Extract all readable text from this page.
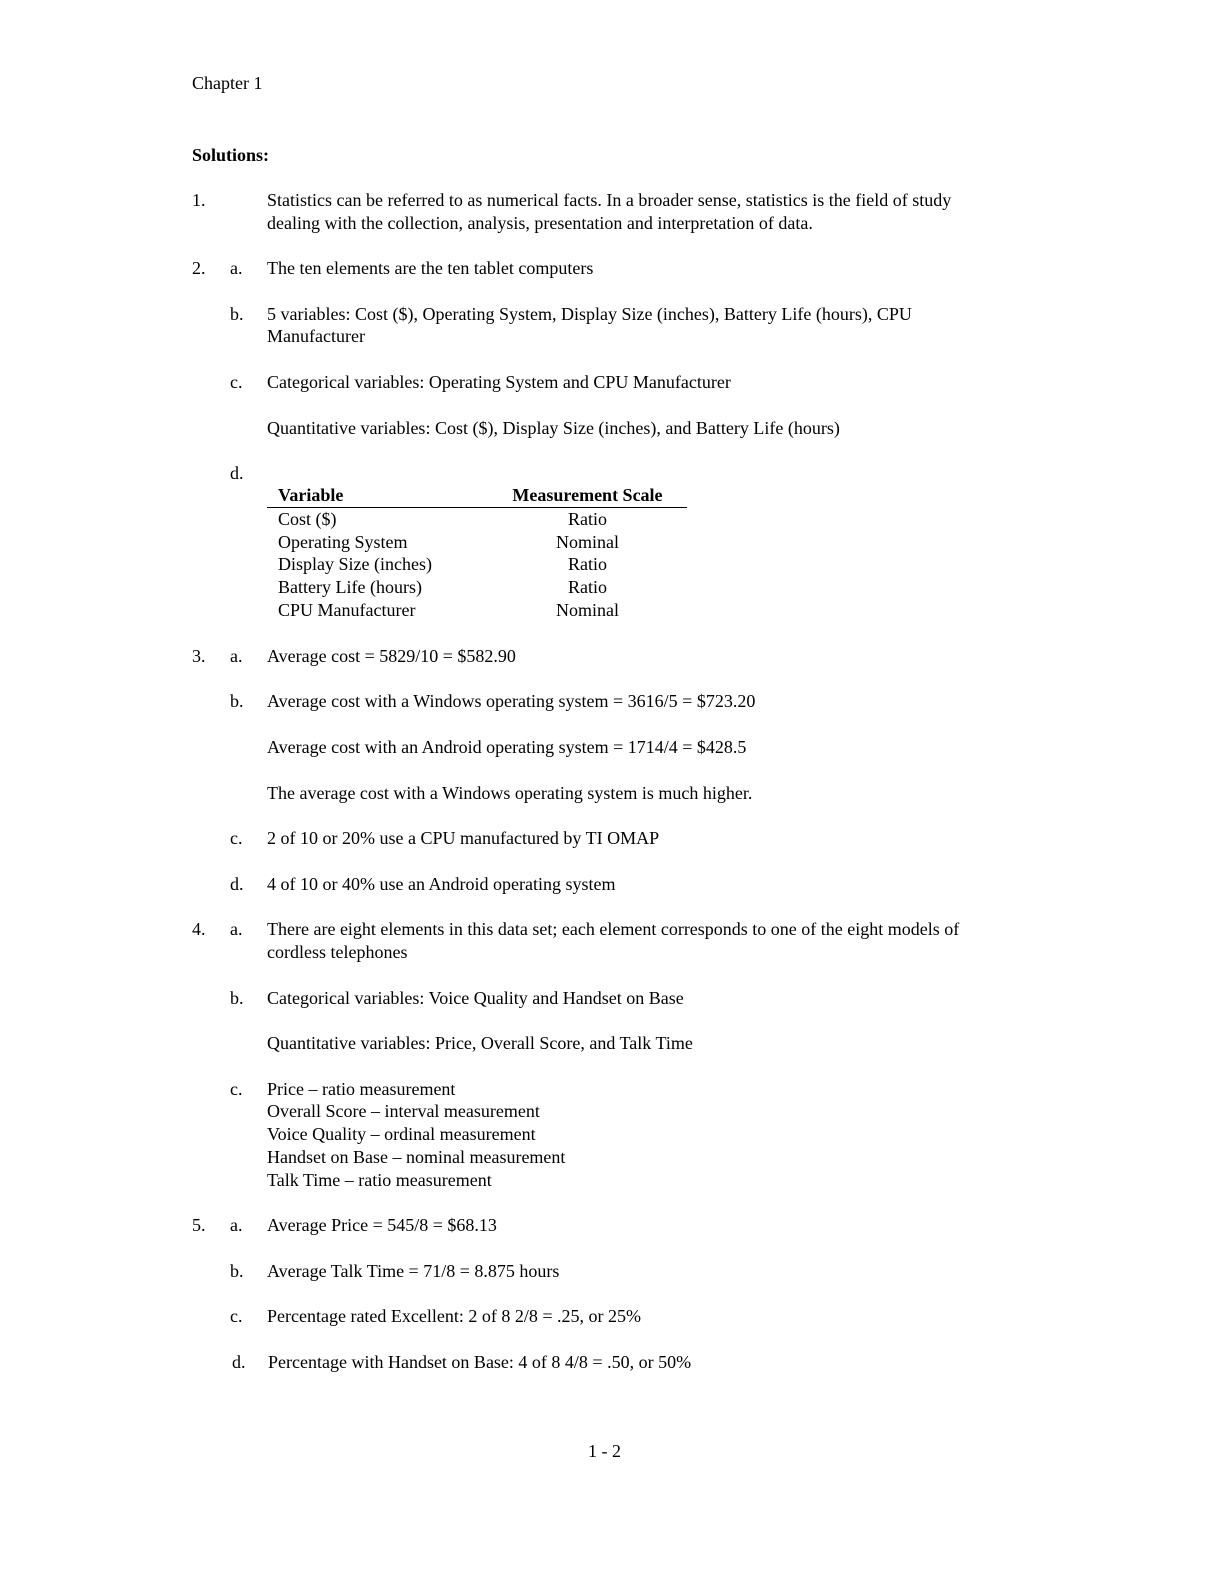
Chapter 1
Solutions:
1.	Statistics can be referred to as numerical facts. In a broader sense, statistics is the field of study
dealing with the collection, analysis, presentation and interpretation of data.
2. a. The ten elements are the ten tablet computers
b. 5 variables: Cost ($), Operating System, Display Size (inches), Battery Life (hours), CPU
Manufacturer
c. Categorical variables: Operating System and CPU Manufacturer
Quantitative variables: Cost ($), Display Size (inches), and Battery Life (hours)
d.
Variable	Measurement Scale
Cost ($)	Ratio
Operating System	Nominal
Display Size (inches)	Ratio
Battery Life (hours)	Ratio
CPU Manufacturer	Nominal
3. a. Average cost = 5829/10 = $582.90
b. Average cost with a Windows operating system = 3616/5 = $723.20
Average cost with an Android operating system = 1714/4 = $428.5
The average cost with a Windows operating system is much higher.
c. 2 of 10 or 20% use a CPU manufactured by TI OMAP
d. 4 of 10 or 40% use an Android operating system
4. a. There are eight elements in this data set; each element corresponds to one of the eight models of
cordless telephones
b. Categorical variables: Voice Quality and Handset on Base
Quantitative variables: Price, Overall Score, and Talk Time
c. Price – ratio measurement
Overall Score – interval measurement
Voice Quality – ordinal measurement
Handset on Base – nominal measurement
Talk Time – ratio measurement
5. a. Average Price = 545/8 = $68.13
b. Average Talk Time = 71/8 = 8.875 hours
c. Percentage rated Excellent: 2 of 8 2/8 = .25, or 25%
d. Percentage with Handset on Base: 4 of 8 4/8 = .50, or 50%
1 - 2
